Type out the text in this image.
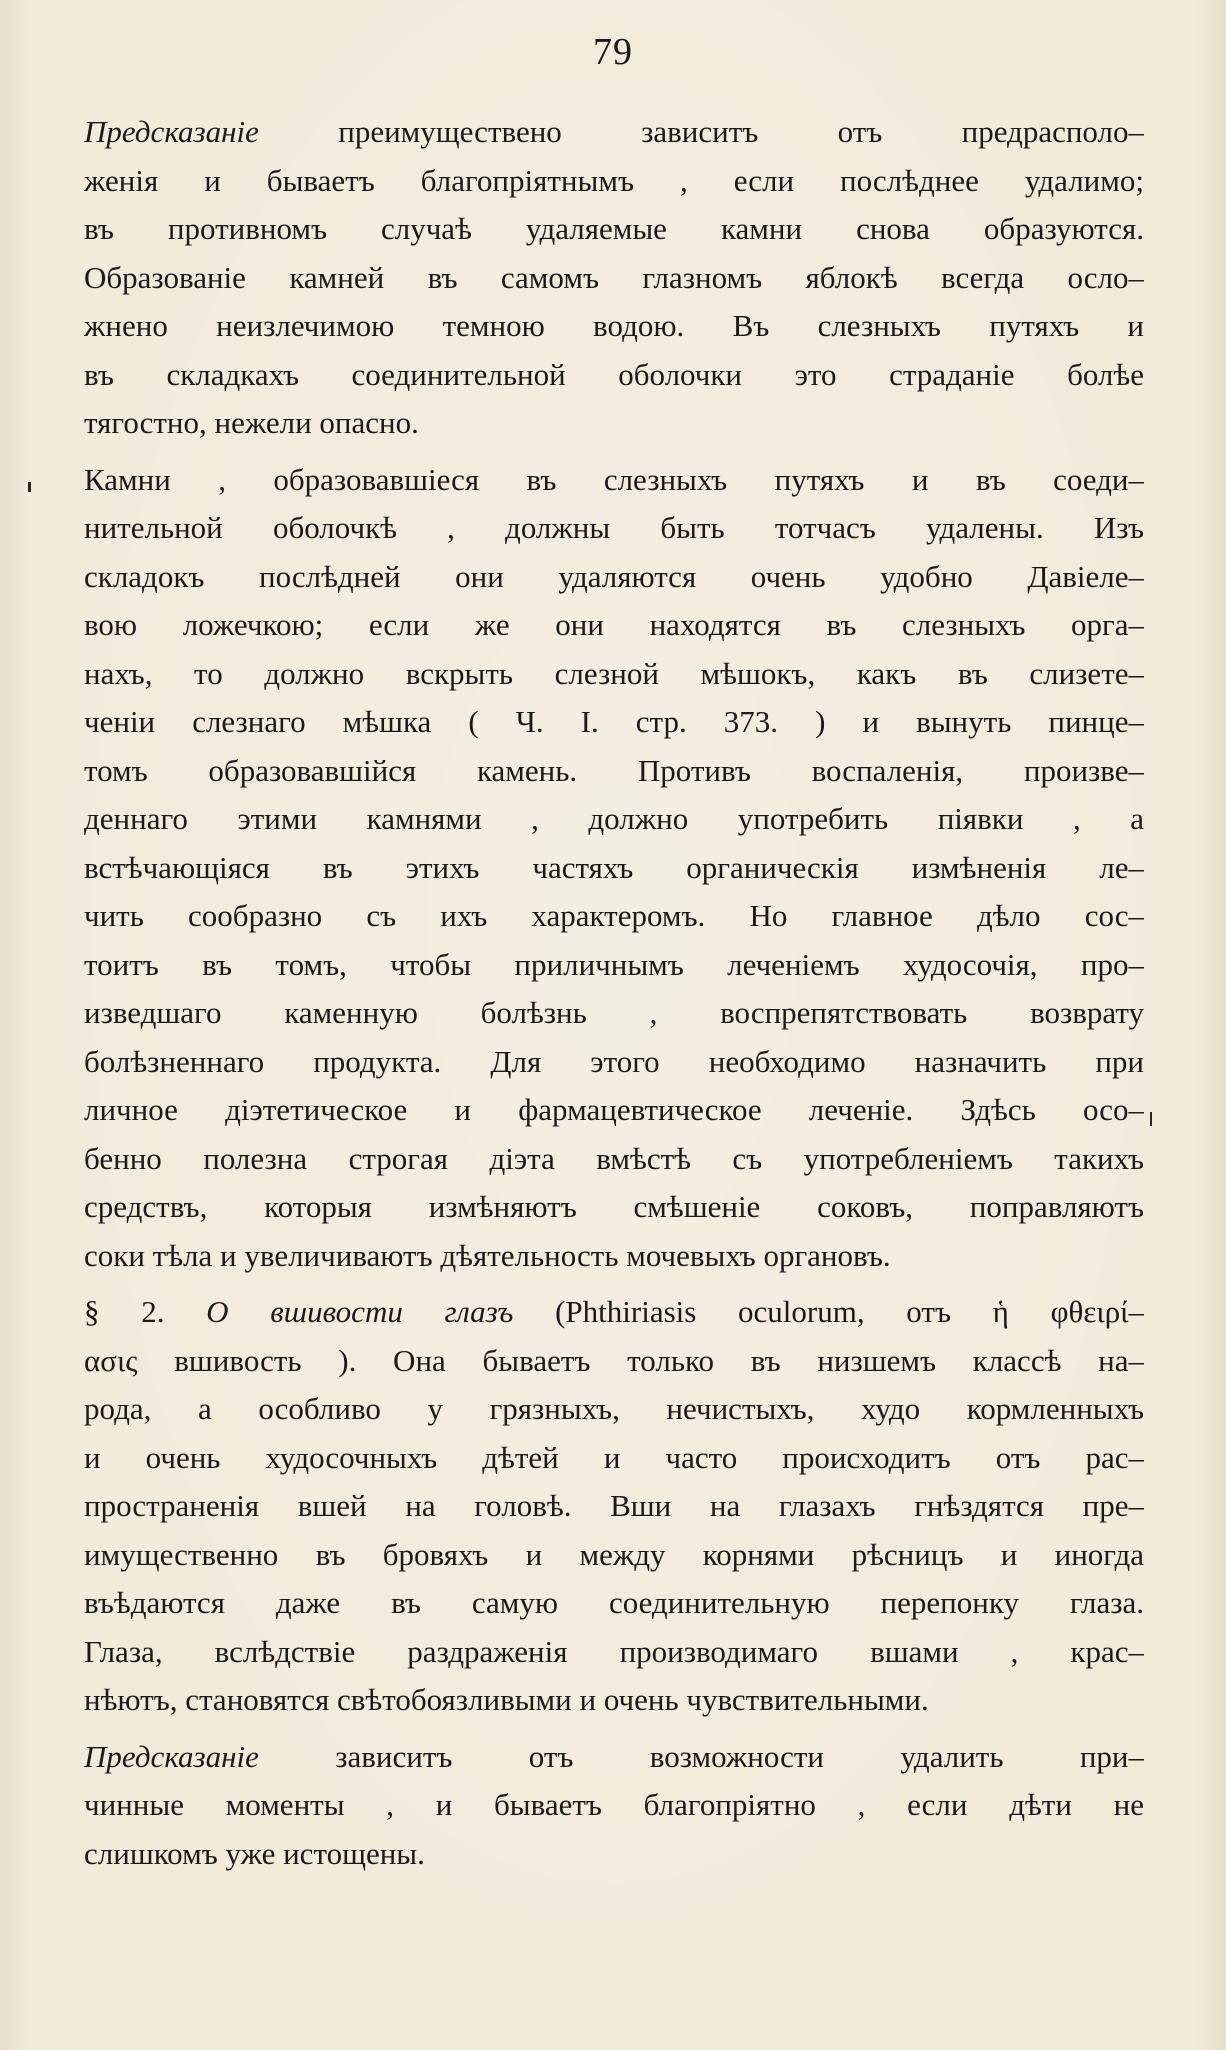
79
Предсказаніе преимуществено зависитъ отъ предрасполо–
женія и бываетъ благопріятнымъ , если послѣднее удалимо;
въ противномъ случаѣ удаляемые камни снова образуются.
Образованіе камней въ самомъ глазномъ яблокѣ всегда ослo–
жнено неизлечимою темною водою. Въ слезныхъ путяхъ и
въ складкахъ соединительной оболочки это страданіе болѣе
тягостно, нежели опасно.
Камни , образовавшіеся въ слезныхъ путяхъ и въ соеди–
нительной оболочкѣ , должны быть тотчасъ удалены. Изъ
складокъ послѣдней они удаляются очень удобно Давіеле–
вою ложечкою; если же они находятся въ слезныхъ орга–
нахъ, то должно вскрыть слезной мѣшокъ, какъ въ слизете–
ченіи слезнаго мѣшка ( Ч. I. стр. 373. ) и вынуть пинце–
томъ образовавшійся камень. Противъ воспаленія, произве–
деннаго этими камнями , должно употребить піявки , а
встѣчающіяся въ этихъ частяхъ органическія измѣненія ле–
чить сообразно съ ихъ характеромъ. Но главное дѣло сос–
тоитъ въ томъ, чтобы приличнымъ леченіемъ худосочія, про–
изведшаго каменную болѣзнь , воспрепятствовать возврату
болѣзненнаго продукта. Для этого необходимо назначить при
личное діэтетическое и фармацевтическое леченіе. Здѣсь осо–
бенно полезна строгая діэта вмѣстѣ съ употребленіемъ такихъ
средствъ, которыя измѣняютъ смѣшеніе соковъ, поправляютъ
соки тѣла и увеличиваютъ дѣятельность мочевыхъ органовъ.
§ 2. О вшивости глазъ (Phthiriasis oculorum, отъ ἡ φθειρί–
ασις вшивость ). Она бываетъ только въ низшемъ классѣ на–
рода, а особливо у грязныхъ, нечистыхъ, худо кормленныхъ
и очень худосочныхъ дѣтей и часто происходитъ отъ рас–
пространенія вшей на головѣ. Вши на глазахъ гнѣздятся пре–
имущественно въ бровяхъ и между корнями рѣсницъ и иногда
въѣдаются даже въ самую соединительную перепонку глаза.
Глаза, вслѣдствіе раздраженія производимаго вшами , крас–
нѣютъ, становятся свѣтобоязливыми и очень чувствительными.
Предсказаніе зависитъ отъ возможности удалить при–
чинные моменты , и бываетъ благопріятно , если дѣти не
слишкомъ уже истощены.
